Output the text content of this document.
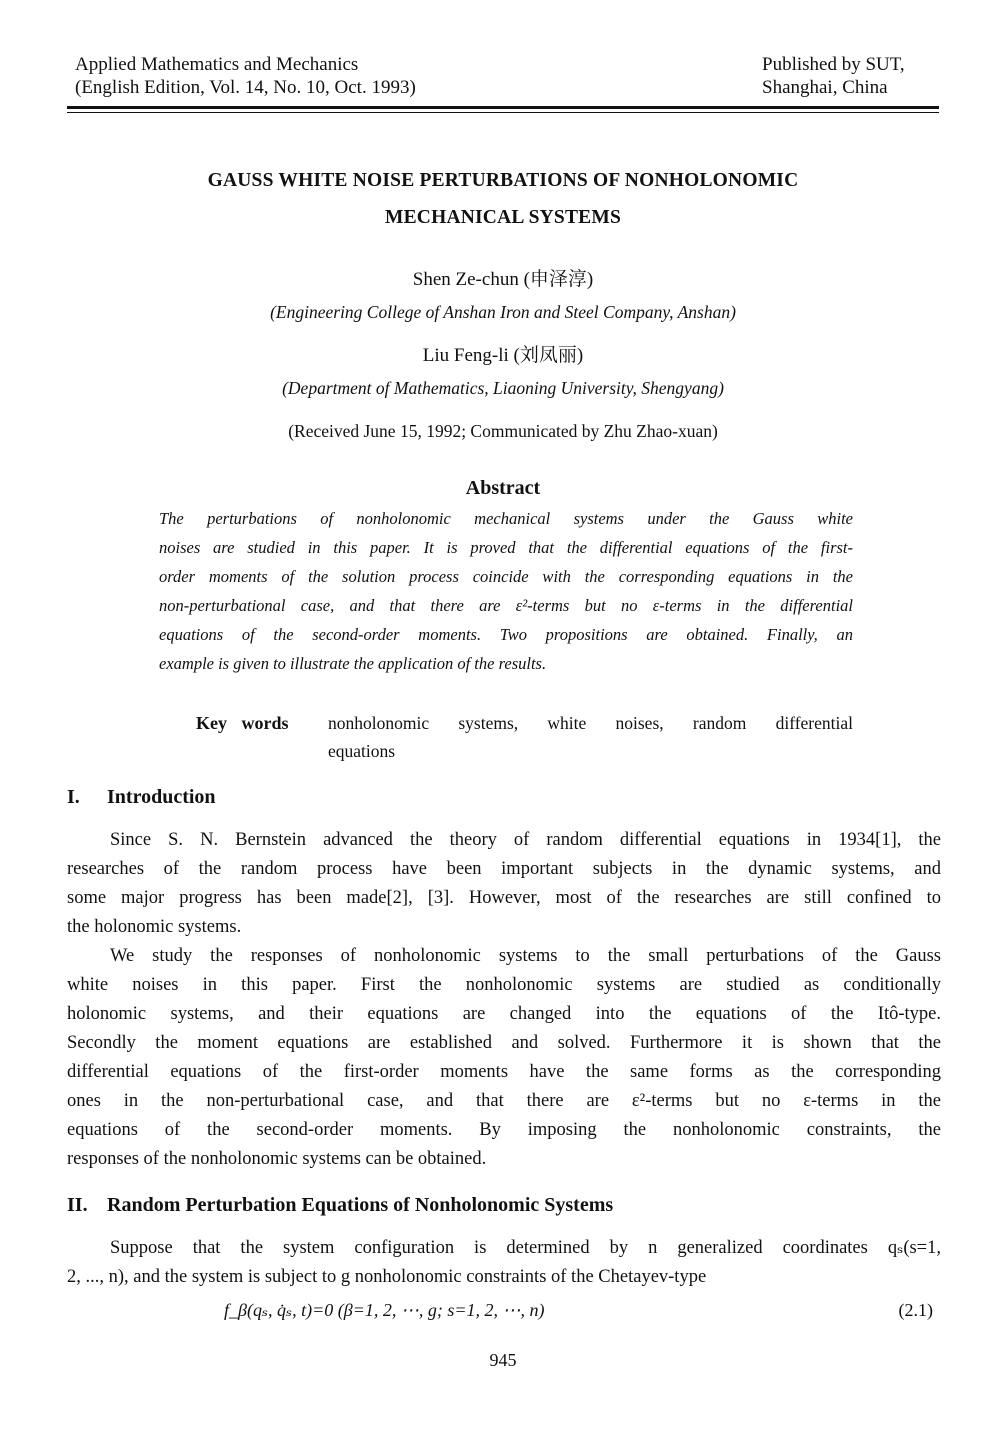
Applied Mathematics and Mechanics
(English Edition, Vol. 14, No. 10, Oct. 1993)
Published by SUT,
Shanghai, China
GAUSS WHITE NOISE PERTURBATIONS OF NONHOLONOMIC
MECHANICAL SYSTEMS
Shen Ze-chun (申泽淳)
(Engineering College of Anshan Iron and Steel Company, Anshan)
Liu Feng-li (刘凤丽)
(Department of Mathematics, Liaoning University, Shengyang)
(Received June 15, 1992; Communicated by Zhu Zhao-xuan)
Abstract
The perturbations of nonholonomic mechanical systems under the Gauss white
noises are studied in this paper. It is proved that the differential equations of the first-
order moments of the solution process coincide with the corresponding equations in the
non-perturbational case, and that there are ε²-terms but no ε-terms in the differential
equations of the second-order moments. Two propositions are obtained. Finally, an
example is given to illustrate the application of the results.
Key words nonholonomic systems, white noises, random differential
equations
I. Introduction
Since S. N. Bernstein advanced the theory of random differential equations in 1934[1], the
researches of the random process have been important subjects in the dynamic systems, and
some major progress has been made[2], [3]. However, most of the researches are still confined to
the holonomic systems.
We study the responses of nonholonomic systems to the small perturbations of the Gauss
white noises in this paper. First the nonholonomic systems are studied as conditionally
holonomic systems, and their equations are changed into the equations of the Itô-type.
Secondly the moment equations are established and solved. Furthermore it is shown that the
differential equations of the first-order moments have the same forms as the corresponding
ones in the non-perturbational case, and that there are ε²-terms but no ε-terms in the
equations of the second-order moments. By imposing the nonholonomic constraints, the
responses of the nonholonomic systems can be obtained.
II. Random Perturbation Equations of Nonholonomic Systems
Suppose that the system configuration is determined by n generalized coordinates qₛ(s=1,
2, ..., n), and the system is subject to g nonholonomic constraints of the Chetayev-type
f_β(qₛ, q̇ₛ, t)=0 (β=1, 2, ⋯, g; s=1, 2, ⋯, n)	(2.1)
945
